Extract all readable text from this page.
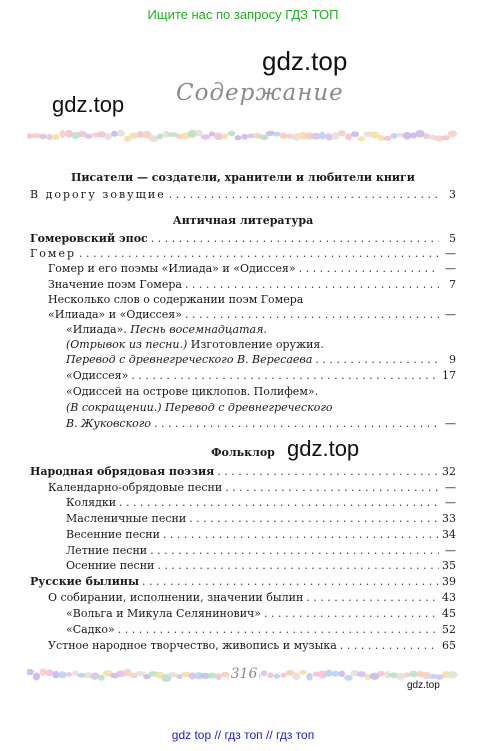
Ищите нас по запросу ГДЗ ТОП
gdz.top
gdz.top Содержание
Писатели — создатели, хранители и любители книги
В дорогу зовущие . . .	3
Античная литература
Гомеровский эпос . . .	5
Гомер . . .	—
Гомер и его поэмы «Илиада» и «Одиссея» . . .	—
Значение поэм Гомера . . .	7
Несколько слов о содержании поэм Гомера
«Илиада» и «Одиссея» . . .	—
«Илиада». Песнь восемнадцатая.
(Отрывок из песни.) Изготовление оружия.
Перевод с древнегреческого В. Вересаева . . .	9
«Одиссея» . . .	17
«Одиссей на острове циклопов. Полифем».
(В сокращении.) Перевод с древнегреческого
В. Жуковского . . .	—
Фольклор gdz.top
Народная обрядовая поэзия . . .	32
Календарно-обрядовые песни . . .	—
Колядки . . .	—
Масленичные песни . . .	33
Весенние песни . . .	34
Летние песни . . .	—
Осенние песни . . .	35
Русские былины . . .	39
О собирании, исполнении, значении былин . . .	43
«Вольга и Микула Селянинович» . . .	45
«Садко» . . .	52
Устное народное творчество, живопись и музыка . . .	65
316
gdz.top
gdz top // гдз топ // гдз топ
